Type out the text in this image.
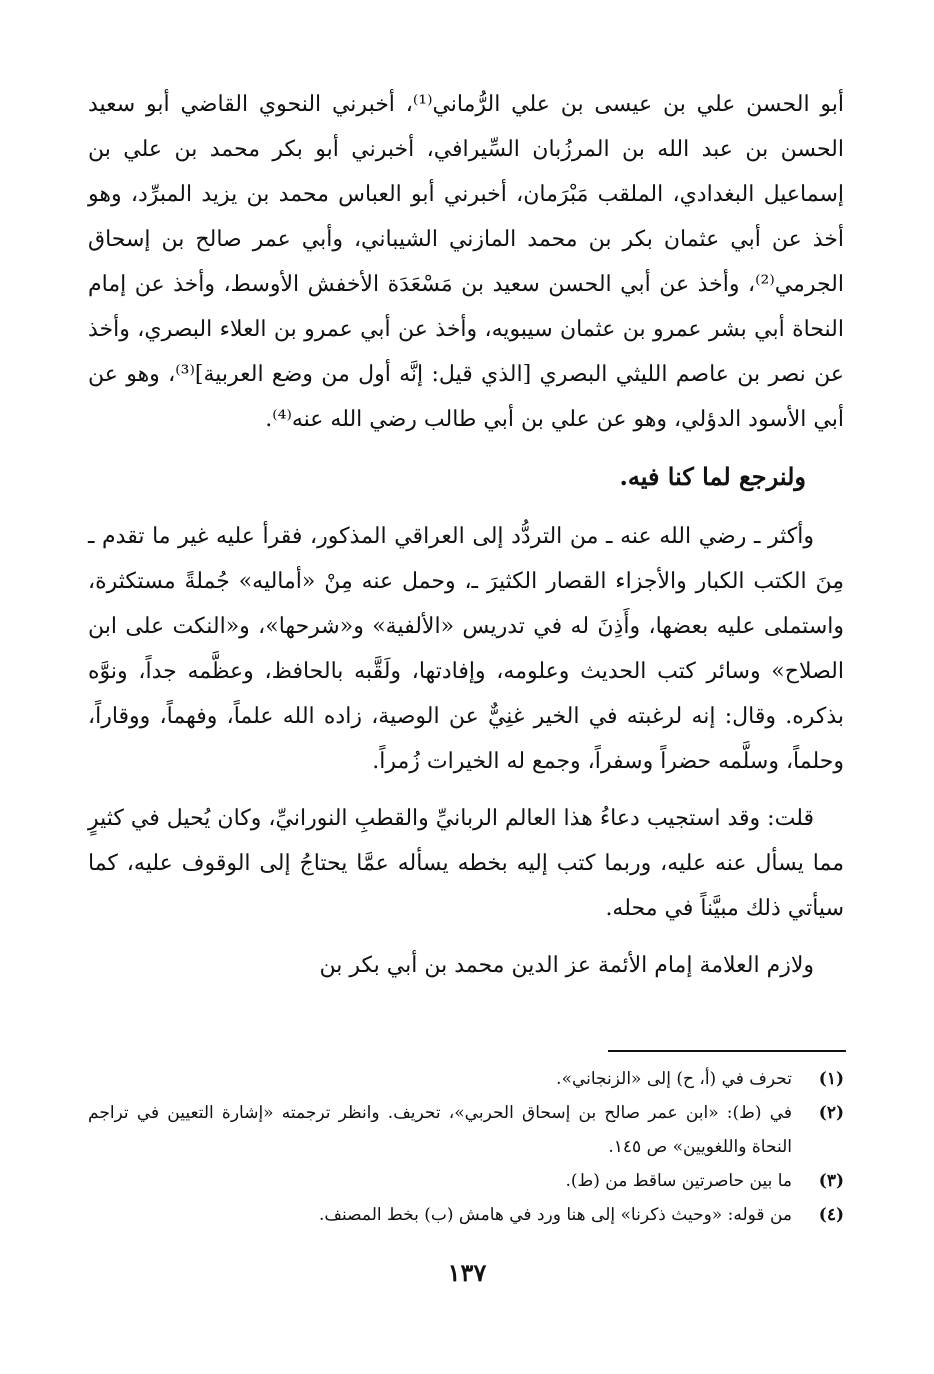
أبو الحسن علي بن عيسى بن علي الرُّماني⁽¹⁾، أخبرني النحوي القاضي أبو سعيد الحسن بن عبد الله بن المرزُبان السِّيرافي، أخبرني أبو بكر محمد بن علي بن إسماعيل البغدادي، الملقب مَبْرَمان، أخبرني أبو العباس محمد بن يزيد المبرِّد، وهو أخذ عن أبي عثمان بكر بن محمد المازني الشيباني، وأبي عمر صالح بن إسحاق الجرمي⁽²⁾، وأخذ عن أبي الحسن سعيد بن مَسْعَدَة الأخفش الأوسط، وأخذ عن إمام النحاة أبي بشر عمرو بن عثمان سيبويه، وأخذ عن أبي عمرو بن العلاء البصري، وأخذ عن نصر بن عاصم الليثي البصري [الذي قيل: إنَّه أول من وضع العربية]⁽³⁾، وهو عن أبي الأسود الدؤلي، وهو عن علي بن أبي طالب رضي الله عنه⁽⁴⁾.

ولنرجع لما كنا فيه.

وأكثر ـ رضي الله عنه ـ من التردُّد إلى العراقي المذكور، فقرأ عليه غير ما تقدم ـ مِنَ الكتب الكبار والأجزاء القصار الكثيرَ ـ، وحمل عنه مِنْ «أماليه» جُملةً مستكثرة، واستملى عليه بعضها، وأَذِنَ له في تدريس «الألفية» و«شرحها»، و«النكت على ابن الصلاح» وسائر كتب الحديث وعلومه، وإفادتها، ولَقَّبه بالحافظ، وعظَّمه جداً، ونوَّه بذكره. وقال: إنه لرغبته في الخير غنِيٌّ عن الوصية، زاده الله علماً، وفهماً، ووقاراً، وحلماً، وسلَّمه حضراً وسفراً، وجمع له الخيرات زُمراً.

قلت: وقد استجيب دعاءُ هذا العالم الربانيِّ والقطبِ النورانيِّ، وكان يُحيل في كثيرٍ مما يسأل عنه عليه، وربما كتب إليه بخطه يسأله عمَّا يحتاجُ إلى الوقوف عليه، كما سيأتي ذلك مبيَّناً في محله.

ولازم العلامة إمام الأئمة عز الدين محمد بن أبي بكر بن

(١)
تحرف في (أ، ح) إلى «الزنجاني».
(٢)
في (ط): «ابن عمر صالح بن إسحاق الحربي»، تحريف. وانظر ترجمته «إشارة التعيين في تراجم النحاة واللغويين» ص ١٤٥.
(٣)
ما بين حاصرتين ساقط من (ط).
(٤)
من قوله: «وحيث ذكرنا» إلى هنا ورد في هامش (ب) بخط المصنف.
١٣٧
